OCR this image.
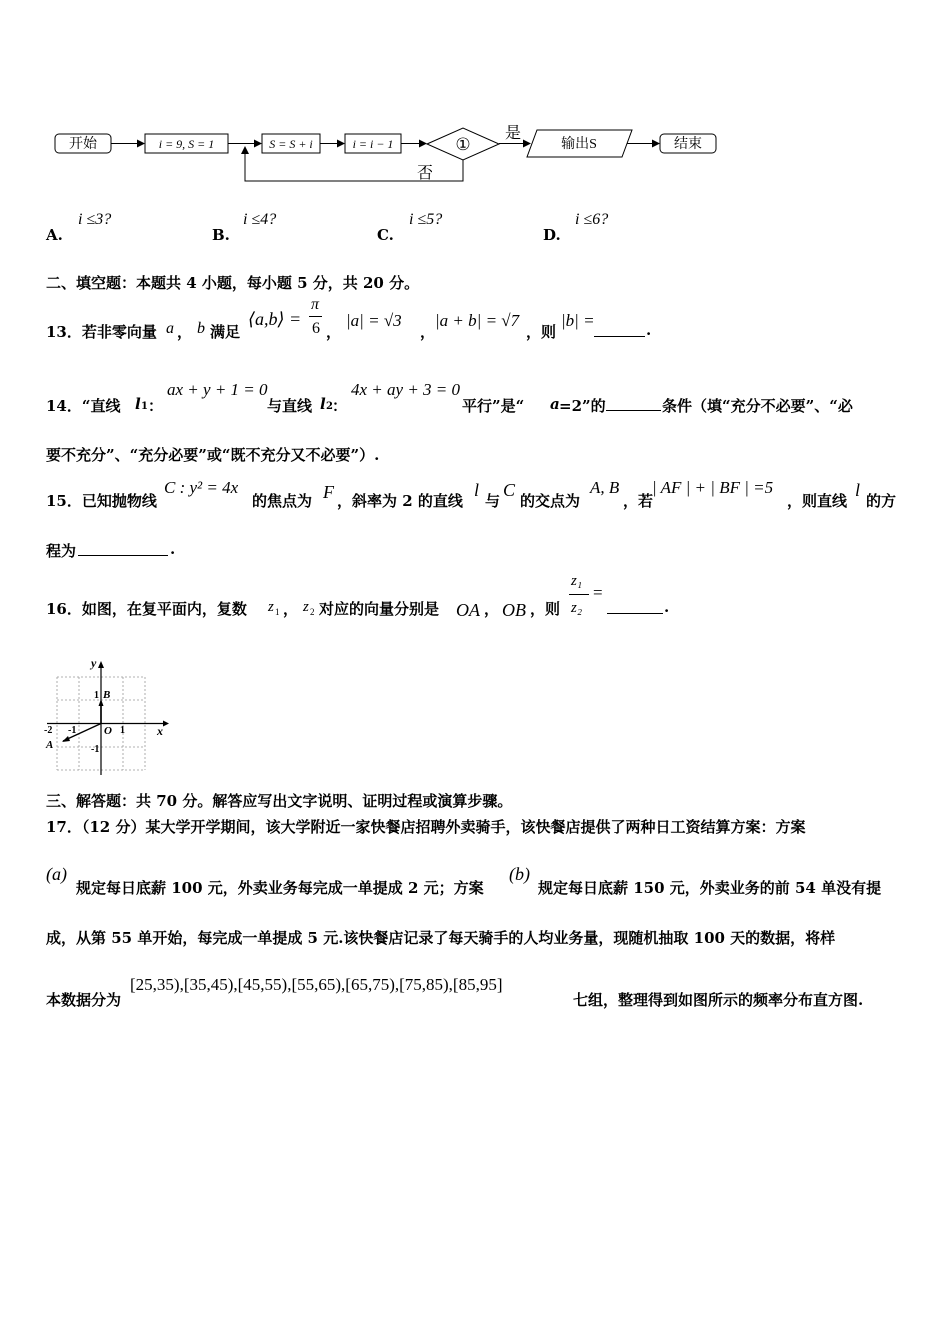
开始	i = 9, S = 1	S = S + i	i = i − 1	①
是
输出S
否
结束
A.
i ≤3?
B.
i ≤4?
C.
i ≤5?
D.
i ≤6?
二、填空题：本题共 4 小题，每小题 5 分，共 20 分。
13．若非零向量 a ， b 满足
⟨a,b⟩ =
π
6 ，
|a| = √3
，
|a + b| = √7
，则
|b| =	.
14．“直线 l 1 ：
ax + y + 1 = 0
与直线 l 2 ：
4x + ay + 3 = 0
平行”是“ a =2”的	条件（填“充分不必要”、“必
要不充分”、“充分必要”或“既不充分又不必要”）.
15．已知抛物线
C : y² = 4x
的焦点为 F ，斜率为 2 的直线
l
与
C
的交点为
A, B
，若
| AF | + | BF | =5
，则直线
l
的方
程为	.
16．如图，在复平面内，复数 z 1 ， z 2 对应的向量分别是 OA ， OB ，则
z₁
z₂
=
.
y
x
B
1
A
O
-2 -1	1
-1
三、解答题：共 70 分。解答应写出文字说明、证明过程或演算步骤。
17．（12 分）某大学开学期间，该大学附近一家快餐店招聘外卖骑手，该快餐店提供了两种日工资结算方案：方案
(a)
规定每日底薪 100 元，外卖业务每完成一单提成 2 元；方案
(b)
规定每日底薪 150 元，外卖业务的前 54 单没有提
成，从第 55 单开始，每完成一单提成 5 元.该快餐店记录了每天骑手的人均业务量，现随机抽取 100 天的数据，将样
本数据分为
[25,35),[35,45),[45,55),[55,65),[65,75),[75,85),[85,95]
七组，整理得到如图所示的频率分布直方图.
